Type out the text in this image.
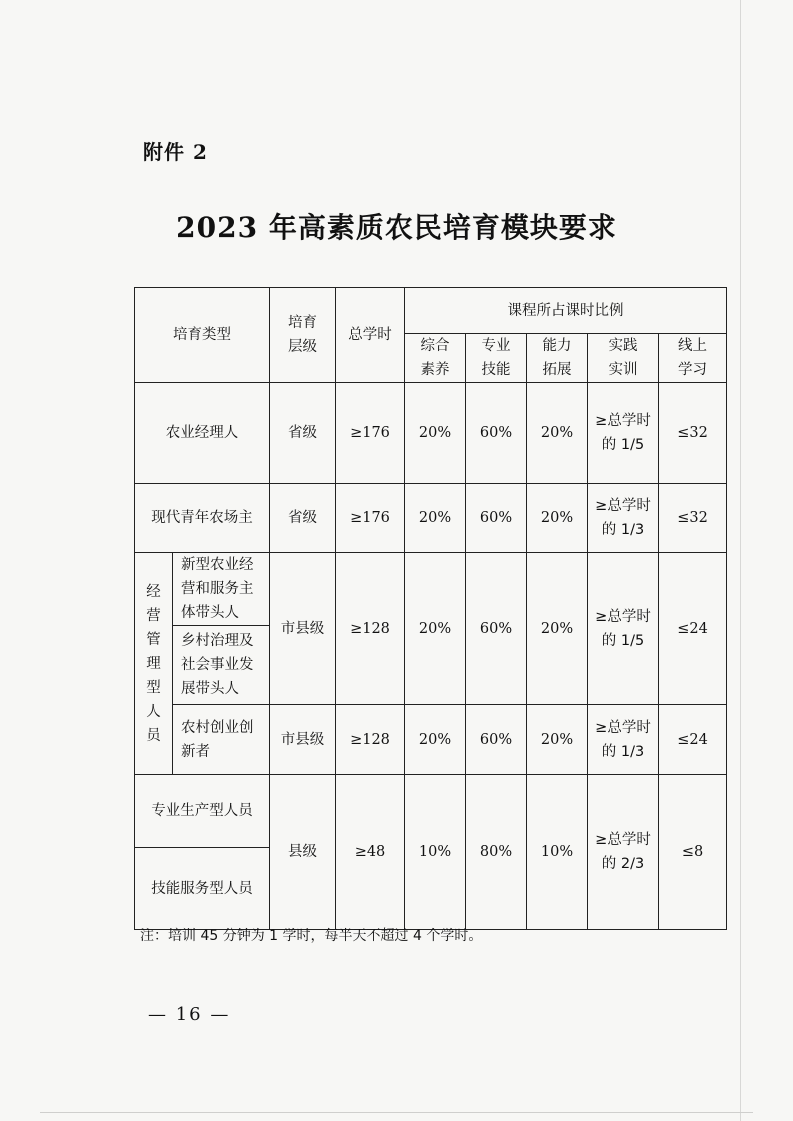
附件 2
2023 年高素质农民培育模块要求
培育类型		培育层级	总学时	课程所占课时比例				

				综合素养	专业技能	能力拓展	实践实训	线上学习

农业经理人		省级	≥176	20%	60%	20%	≥总学时的 1/5	≤32
现代青年农场主		省级	≥176	20%	60%	20%	≥总学时的 1/3	≤32

经营管理型人员	新型农业经营和服务主体带头人	市县级	≥128	20%	60%	20%	≥总学时的 1/5	≤24
	乡村治理及社会事业发展带头人							
	农村创业创新者	市县级	≥128	20%	60%	20%	≥总学时的 1/3	≤24
专业生产型人员		县级	≥48	10%	80%	10%	≥总学时的 2/3	≤8
技能服务型人员								
注：培训 45 分钟为 1 学时，每半天不超过 4 个学时。
— 16 —
